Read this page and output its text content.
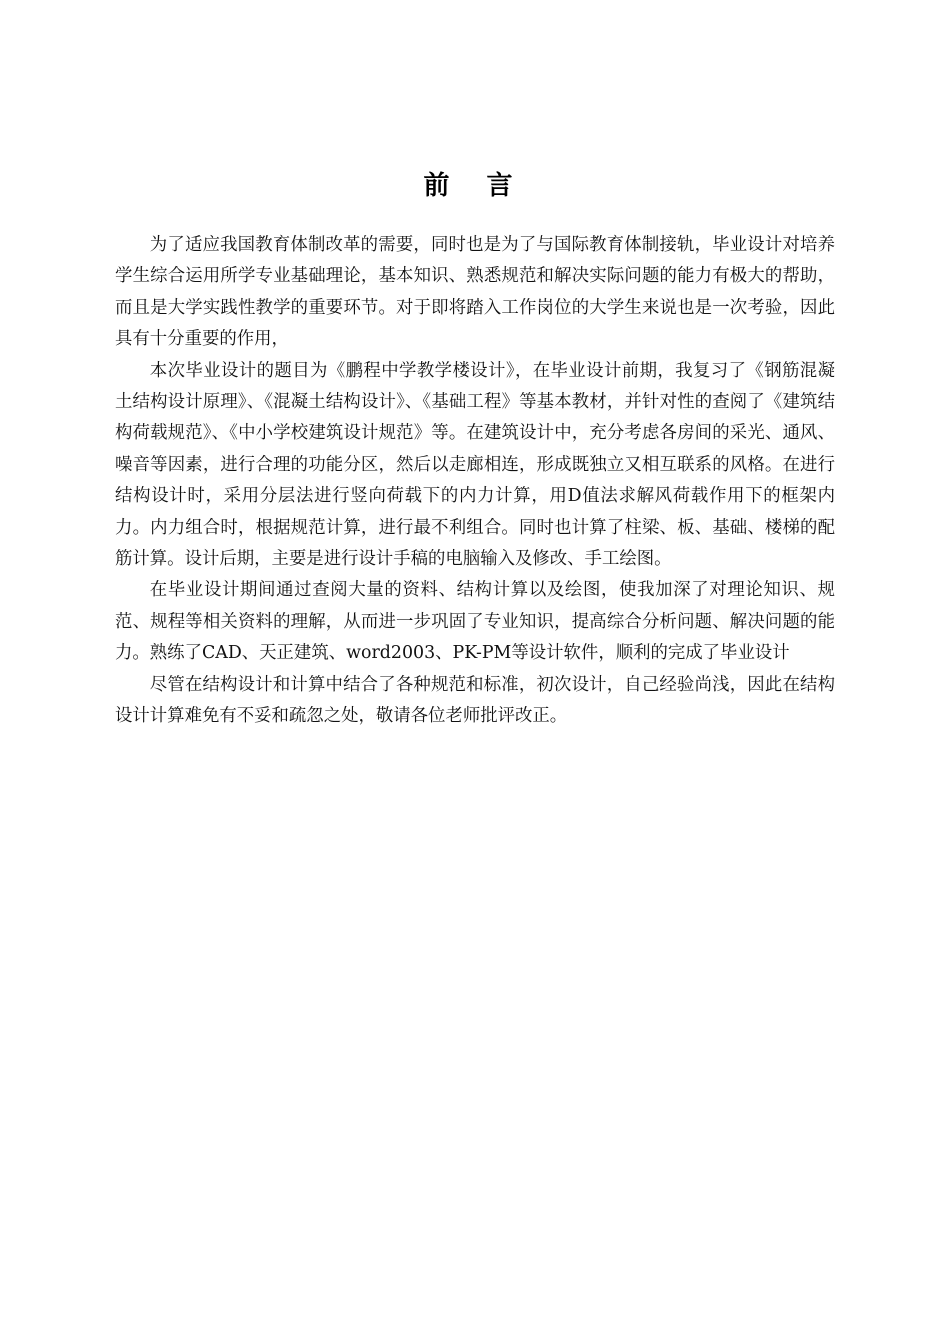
前 言

为了适应我国教育体制改革的需要，同时也是为了与国际教育体制接轨，毕业设计对培养学生综合运用所学专业基础理论，基本知识、熟悉规范和解决实际问题的能力有极大的帮助，而且是大学实践性教学的重要环节。对于即将踏入工作岗位的大学生来说也是一次考验，因此具有十分重要的作用，

本次毕业设计的题目为《鹏程中学教学楼设计》，在毕业设计前期，我复习了《钢筋混凝土结构设计原理》、《混凝土结构设计》、《基础工程》等基本教材，并针对性的查阅了《建筑结构荷载规范》、《中小学校建筑设计规范》等。在建筑设计中，充分考虑各房间的采光、通风、噪音等因素，进行合理的功能分区，然后以走廊相连，形成既独立又相互联系的风格。在进行结构设计时，采用分层法进行竖向荷载下的内力计算，用D值法求解风荷载作用下的框架内力。内力组合时，根据规范计算，进行最不利组合。同时也计算了柱梁、板、基础、楼梯的配筋计算。设计后期，主要是进行设计手稿的电脑输入及修改、手工绘图。

在毕业设计期间通过查阅大量的资料、结构计算以及绘图，使我加深了对理论知识、规范、规程等相关资料的理解，从而进一步巩固了专业知识，提高综合分析问题、解决问题的能力。熟练了CAD、天正建筑、word2003、PK-PM等设计软件，顺利的完成了毕业设计

尽管在结构设计和计算中结合了各种规范和标准，初次设计，自己经验尚浅，因此在结构设计计算难免有不妥和疏忽之处，敬请各位老师批评改正。
